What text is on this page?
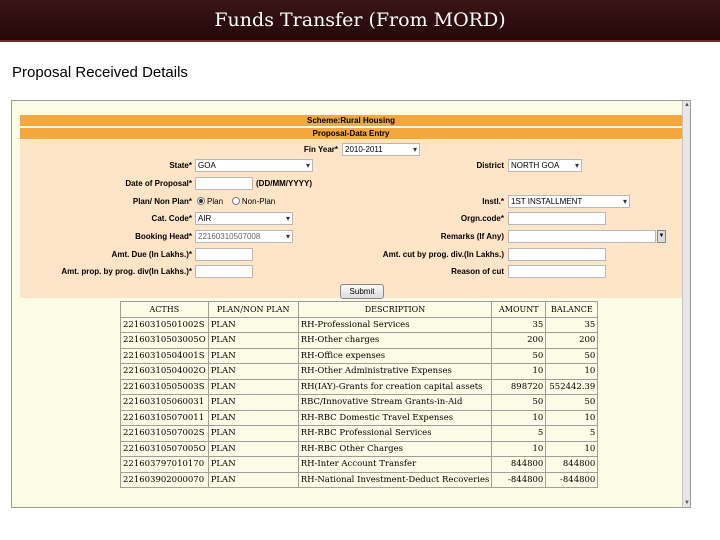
Funds Transfer (From MORD)
Proposal Received Details
▲
▼
Scheme:Rural Housing
Proposal-Data Entry
Fin Year* 2010-2011 ▾
State* GOA ▾	District NORTH GOA ▾
Date of Proposal*	(DD/MM/YYYY)
Plan/ Non Plan*	Plan Non-Plan	Instl.* 1ST INSTALLMENT ▾
Cat. Code* AIR ▾	Orgn.code*
Booking Head* 22160310507008 ▾	Remarks (If Any)	▼
Amt. Due (In Lakhs.)*	Amt. cut by prog. div.(In Lakhs.)
Amt. prop. by prog. div(In Lakhs.)*	Reason of cut
Submit
ACTHS	PLAN/NON PLAN	DESCRIPTION	AMOUNT	BALANCE
22160310501002S	PLAN	RH-Professional Services	35	35
22160310503005O	PLAN	RH-Other charges	200	200
22160310504001S	PLAN	RH-Office expenses	50	50
22160310504002O	PLAN	RH-Other Administrative Expenses	10	10
22160310505003S	PLAN	RH(IAY)-Grants for creation capital assets	898720	552442.39
221603105060031	PLAN	RBC/Innovative Stream Grants-in-Aid	50	50
221603105070011	PLAN	RH-RBC Domestic Travel Expenses	10	10
22160310507002S	PLAN	RH-RBC Professional Services	5	5
22160310507005O	PLAN	RH-RBC Other Charges	10	10
221603797010170	PLAN	RH-Inter Account Transfer	844800	844800
221603902000070	PLAN	RH-National Investment-Deduct Recoveries	-844800	-844800
